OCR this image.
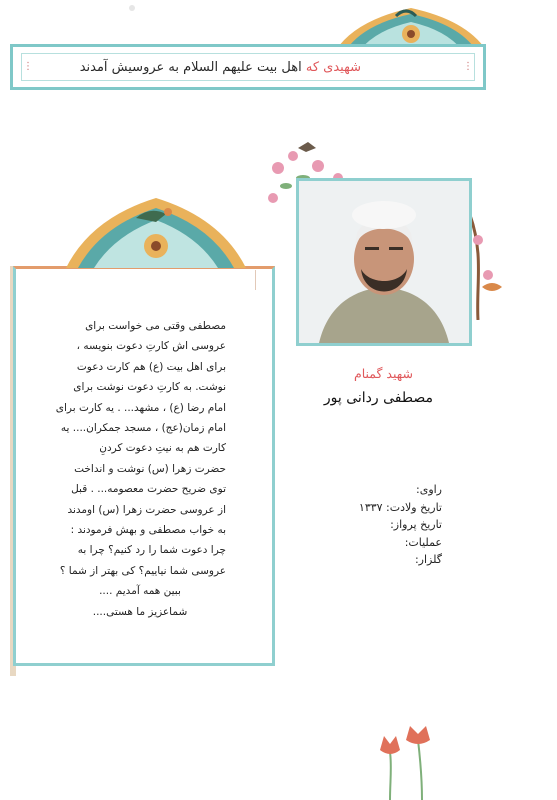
⋮	⋮
شهیدی که اهل بیت علیهم السلام به عروسیش آمدند
شهید گمنام
مصطفی ردانی پور
راوی:
تاریخ ولادت: ۱۳۳۷
تاریخ پرواز:
عملیات:
گلزار:
مصطفی وقتی می خواست برای
عروسی اش کارتِ دعوت بنویسه ،
برای اهل بیت (ع) هم کارت دعوت
نوشت. به کارتِ دعوت نوشت برای
امام رضا (ع) ، مشهد... . یه کارت برای
امام زمان(عج) ، مسجد جمکران.... یه
کارت هم به نیتِ دعوت کردنِ
حضرت زهرا (س) نوشت و انداخت
توی ضریح حضرت معصومه... . قبل
از عروسی حضرت زهرا (س) اومدند
به خواب مصطفی و بهش فرمودند :
چرا دعوت شما را رد کنیم؟ چرا به
عروسی شما نیاییم؟ کی بهتر از شما ؟
ببین همه آمدیم ....
شماعزیز ما هستی....
